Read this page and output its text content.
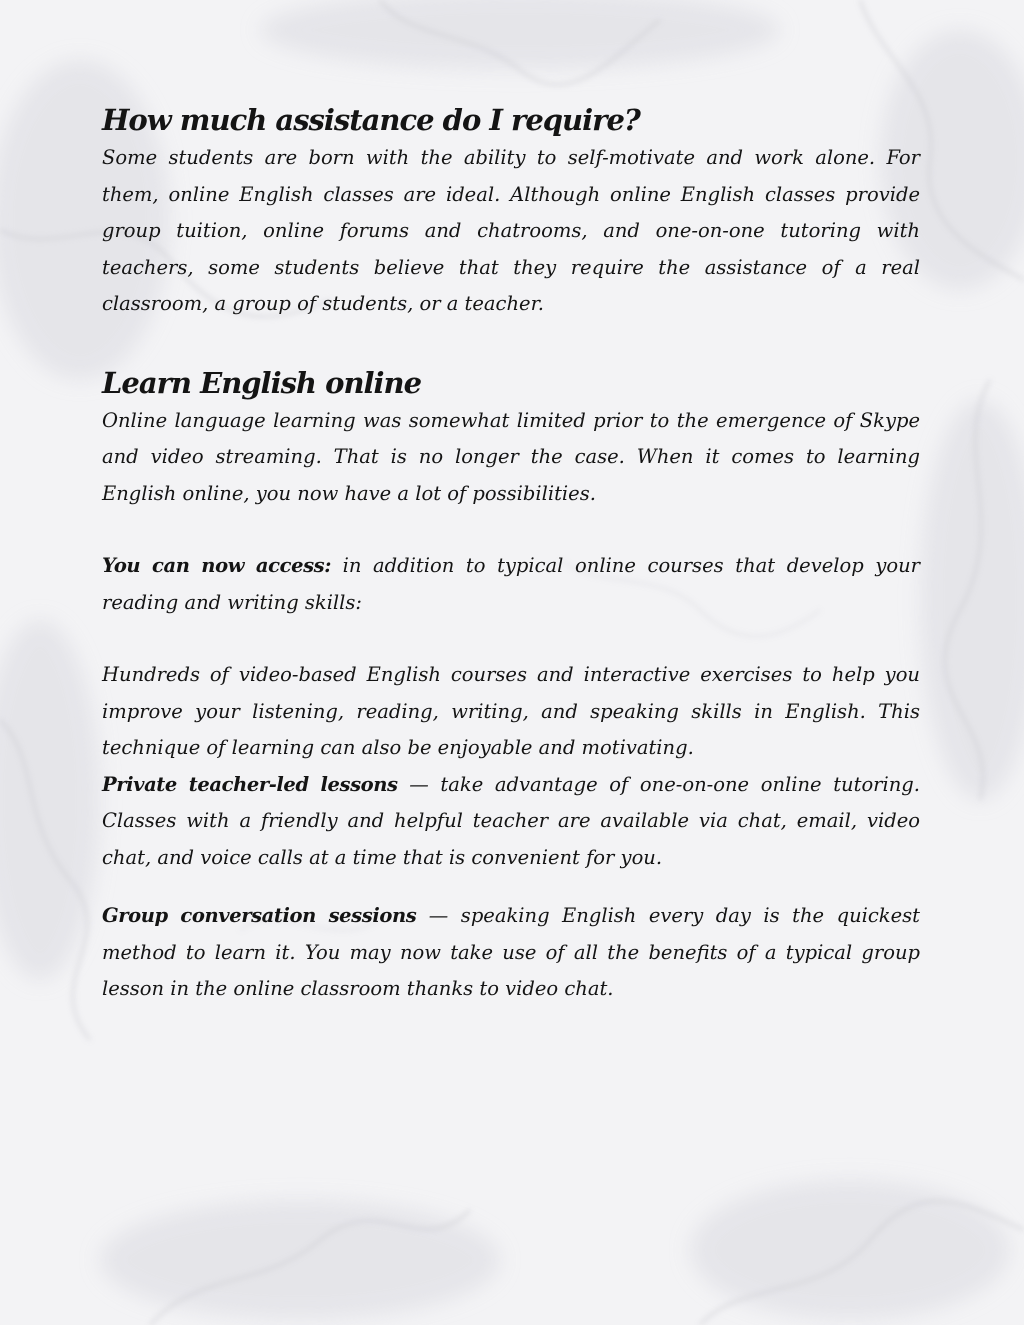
How much assistance do I require?

Some students are born with the ability to self-motivate and work alone. For them, online English classes are ideal. Although online English classes provide group tuition, online forums and chatrooms, and one-on-one tutoring with teachers, some students believe that they require the assistance of a real classroom, a group of students, or a teacher.

Learn English online

Online language learning was somewhat limited prior to the emergence of Skype and video streaming. That is no longer the case. When it comes to learning English online, you now have a lot of possibilities.

You can now access: in addition to typical online courses that develop your reading and writing skills:

Hundreds of video-based English courses and interactive exercises to help you improve your listening, reading, writing, and speaking skills in English. This technique of learning can also be enjoyable and motivating.

Private teacher-led lessons — take advantage of one-on-one online tutoring. Classes with a friendly and helpful teacher are available via chat, email, video chat, and voice calls at a time that is convenient for you.

Group conversation sessions — speaking English every day is the quickest method to learn it. You may now take use of all the benefits of a typical group lesson in the online classroom thanks to video chat.
